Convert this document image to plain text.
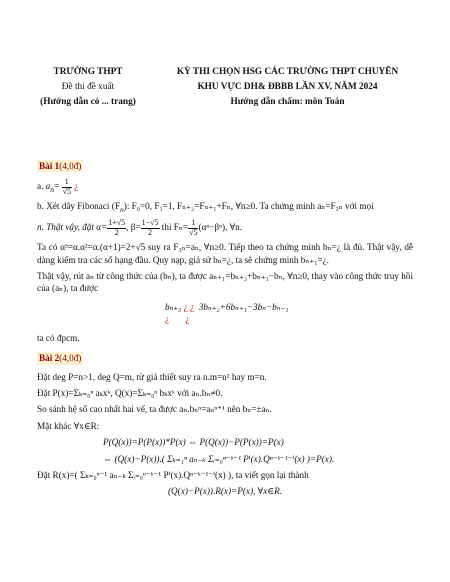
TRƯỜNG THPT
Đề thi đề xuất
(Hướng dẫn có ... trang)
KỲ THI CHỌN HSG CÁC TRƯỜNG THPT CHUYÊN
KHU VỰC DH& ĐBBB LẦN XV, NĂM 2024
Hướng dẫn chấm: môn Toán
Bài 1(4,0đ)

a. $a_n= \frac{1}{√5}$ ¿

b. Xét dãy Fibonaci $(F_n)$: F₀=0, F₁=1, Fₙ₊₂=Fₙ₊₁+Fₙ, ∀n≥0. Ta chứng minh aₙ=F₃ₙ với mọi

n. Thật vậy, đặt $\alpha= \frac{1+√5}{2}$ , $\beta= \frac{1-√5}{2}$ thì $F_n= \frac{1}{√5} (\alpha^n-\beta^n)$, ∀n.

Ta có α³=α.α²=α.(α+1)=2+√5 suy ra F₃ₙ=aₙ, ∀n≥0. Tiếp theo ta chứng minh bₙ=¿ là đủ. Thật vậy, dễ dàng kiểm tra các số hạng đầu. Quy nạp, giả sử bₙ=¿, ta sẽ chứng minh bₙ₊₁=¿.

Thật vậy, rút aₙ từ công thức của (bₙ), ta được aₙ₊₁=bₙ₊₂+bₙ₊₁−bₙ, ∀n≥0, thay vào công thức truy hồi của (aₙ), ta được

bₙ₊₃ ¿ ¿ 3bₙ₊₂+6bₙ₊₁−3bₙ−bₙ₋₁
¿ ¿

ta có đpcm.

Bài 2(4,0đ)

Đặt deg P=n>1, deg Q=m, từ giả thiết suy ra n.m=n² hay m=n.

Đặt P(x)=Σₖ₌₀ⁿ aₖxᵏ, Q(x)=Σₖ₌₀ⁿ bₖxᵏ với aₙ.bₙ≠0.

So sánh hệ số cao nhất hai vế, ta được aₙ.bₙⁿ=aₙⁿ⁺¹ nên bₙ=±aₙ.

Mặt khác ∀x∈R:

P(Q(x))=P(P(x))*P(x) ⇔ P(Q(x))−P(P(x))=P(x)

⇔ (Q(x)−P(x)).( Σₖ₌₁ⁿ aₙ₋ₖ Σᵢ₌₀ⁿ⁻ᵏ⁻¹ Pⁱ(x).Qⁿ⁻ᵏ⁻¹⁻ⁱ(x) )=P(x).

Đặt R(x)=( Σₖ₌₀ⁿ⁻¹ aₙ₋ₖ Σᵢ₌₀ⁿ⁻ᵏ⁻¹ Pⁱ(x).Qⁿ⁻ᵏ⁻¹⁻ⁱ(x) ), ta viết gọn lại thành

(Q(x)−P(x)).R(x)=P(x), ∀x∈R.
